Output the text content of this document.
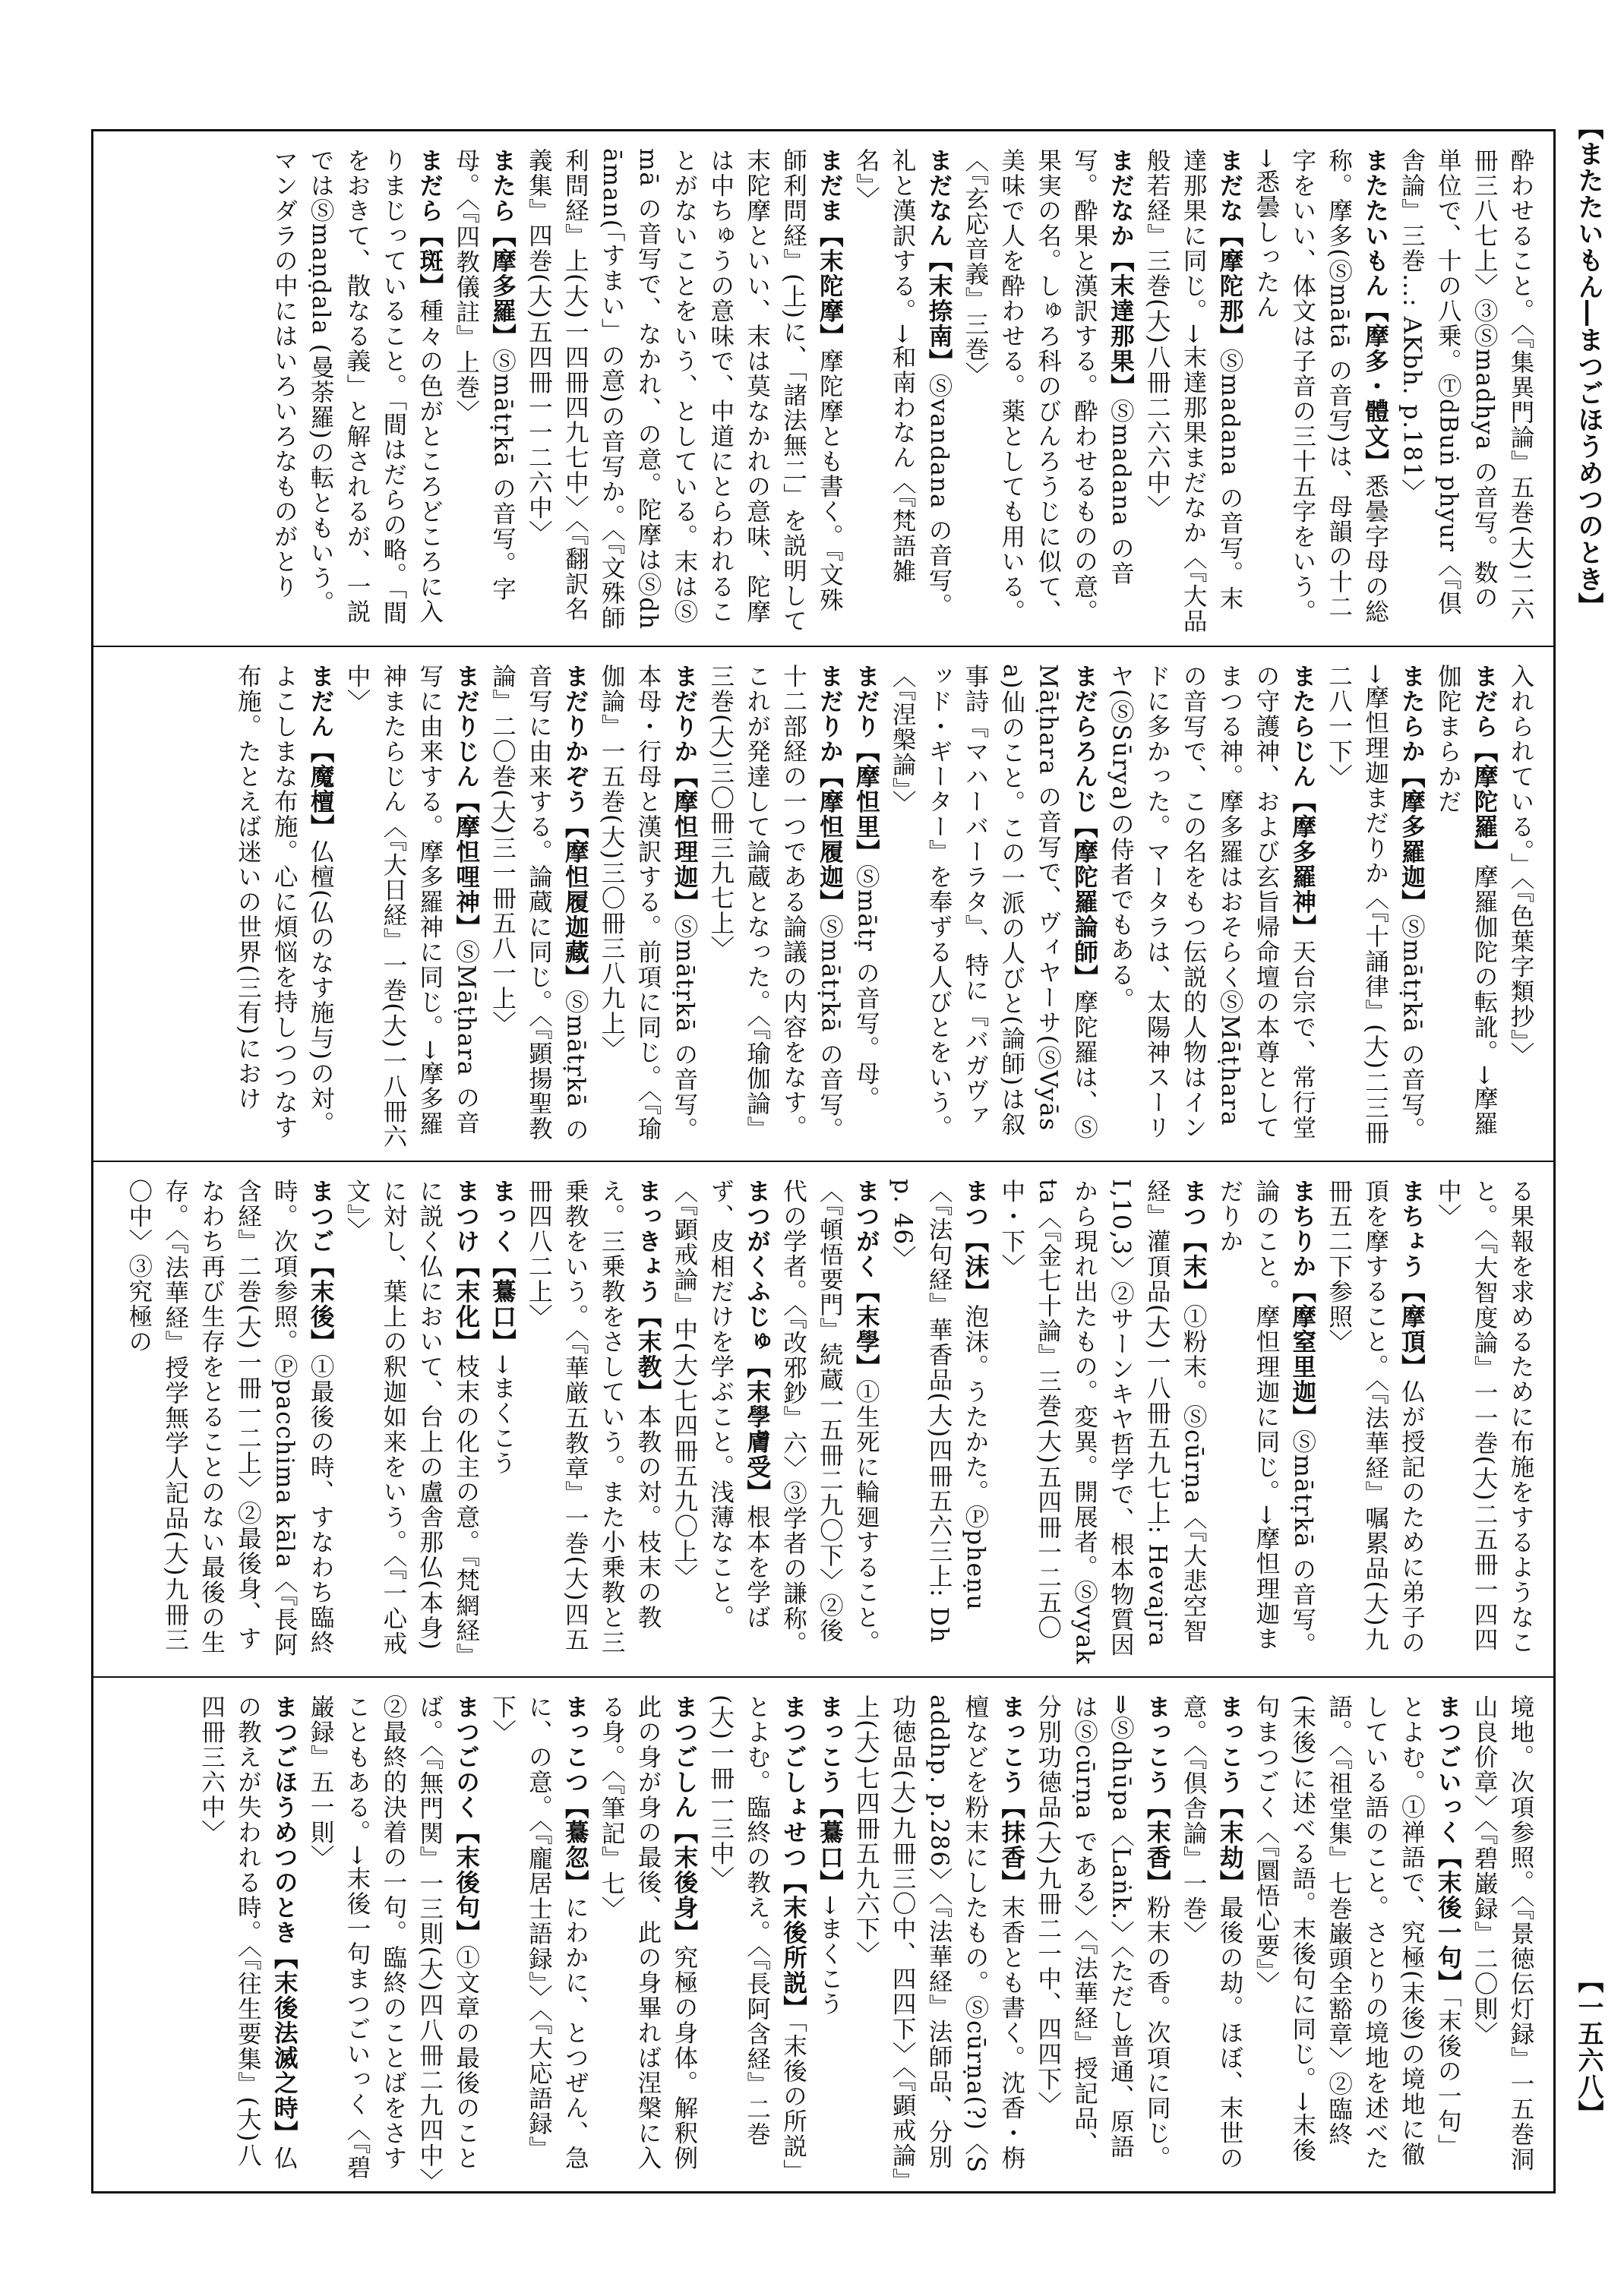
【またたいもん―まつごほうめつのとき】
【一五六八】

酔わせること。〈『集異門論』五巻(大)二六冊三八七上〉③Ⓢmadhya の音写。数の単位で、十の八乗。ⓉdBuṅ phyur〈『倶舎論』三巻…: AKbh. p.181〉

またたいもん【摩多・體文】悉曇字母の総称。摩多(Ⓢmātā の音写)は、母韻の十二字をいい、体文は子音の三十五字をいう。→悉曇しったん

まだな【摩陀那】Ⓢmadana の音写。末達那果に同じ。→末達那果まだなか〈『大品般若経』三巻(大)八冊二六六中〉

まだなか【末達那果】Ⓢmadana の音写。酔果と漢訳する。酔わせるものの意。果実の名。しゅろ科のびんろうじに似て、美味で人を酔わせる。薬としても用いる。〈『玄応音義』三巻〉

まだなん【末捺南】Ⓢvandana の音写。礼と漢訳する。→和南わなん〈『梵語雑名』〉

まだま【末陀摩】摩陀摩とも書く。『文殊師利問経』(上)に、「諸法無二」を説明して末陀摩といい、末は莫なかれの意味、陀摩は中ちゅうの意味で、中道にとらわれることがないことをいう、としている。末はⓈmā の音写で、なかれ、の意。陀摩はⓈdhāman(「すまい」の意)の音写か。〈『文殊師利問経』上(大)一四冊四九七中〉〈『翻訳名義集』四巻(大)五四冊一一二六中〉

またら【摩多羅】Ⓢmātṛkā の音写。字母。〈『四教儀註』上巻〉

まだら【斑】種々の色がところどころに入りまじっていること。「間はだらの略。「間をおきて、散なる義」と解されるが、一説ではⓈmaṇḍala (曼荼羅)の転ともいう。マンダラの中にはいろいろなものがとり

入れられている。」〈『色葉字類抄』〉

まだら【摩陀羅】摩羅伽陀の転訛。→摩羅伽陀まらかだ

またらか【摩多羅迦】Ⓢmātṛkā の音写。→摩怛理迦まだりか〈『十誦律』(大)二三冊二八一下〉

またらじん【摩多羅神】天台宗で、常行堂の守護神、および玄旨帰命壇の本尊としてまつる神。摩多羅はおそらくⓈMāṭhara の音写で、この名をもつ伝説的人物はインドに多かった。マータラは、太陽神スーリヤ(ⓈSūrya)の侍者でもある。

まだらろんじ【摩陀羅論師】摩陀羅は、ⓈMāṭhara の音写で、ヴィヤーサ(ⓈVyāsa)仙のこと。この一派の人びと(論師)は叙事詩『マハーバーラタ』、特に『バガヴァッド・ギーター』を奉ずる人びとをいう。〈『涅槃論』〉

まだり【摩怛里】Ⓢmātṛ の音写。母。

まだりか【摩怛履迦】Ⓢmātṛkā の音写。十二部経の一つである論議の内容をなす。これが発達して論蔵となった。〈『瑜伽論』三巻(大)三〇冊三九七上〉

まだりか【摩怛理迦】Ⓢmātṛkā の音写。本母・行母と漢訳する。前項に同じ。〈『瑜伽論』一五巻(大)三〇冊三八九上〉

まだりかぞう【摩怛履迦藏】Ⓢmātṛkā の音写に由来する。論蔵に同じ。〈『顕揚聖教論』二〇巻(大)三一冊五八一上〉

まだりじん【摩怛哩神】ⓈMāṭhara の音写に由来する。摩多羅神に同じ。→摩多羅神またらじん〈『大日経』一巻(大)一八冊六中〉

まだん【魔檀】仏檀(仏のなす施与)の対。よこしまな布施。心に煩悩を持しつつなす布施。たとえば迷いの世界(三有)におけ

る果報を求めるために布施をするようなこと。〈『大智度論』一一巻(大)二五冊一四四中〉

まちょう【摩頂】仏が授記のために弟子の頂を摩すること。〈『法華経』嘱累品(大)九冊五二下参照〉

まちりか【摩窒里迦】Ⓢmātṛkā の音写。論のこと。摩怛理迦に同じ。→摩怛理迦まだりか

まつ【末】①粉末。Ⓢcūrṇa〈『大悲空智経』灌頂品(大)一八冊五九七上: Hevajra I,10,3〉②サーンキヤ哲学で、根本物質因から現れ出たもの。変異。開展者。Ⓢvyakta〈『金七十論』三巻(大)五四冊一二五〇中・下〉

まつ【沫】泡沫。うたかた。Ⓟpheṇu〈『法句経』華香品(大)四冊五六三上: Dhp. 46〉

まつがく【末學】①生死に輪廻すること。〈『頓悟要門』続蔵一五冊二九〇下〉②後代の学者。〈『改邪鈔』六〉③学者の謙称。

まつがくふじゅ【末學膚受】根本を学ばず、皮相だけを学ぶこと。浅薄なこと。〈『顕戒論』中(大)七四冊五九〇上〉

まっきょう【末教】本教の対。枝末の教え。三乗教をさしていう。また小乗教と三乗教をいう。〈『華厳五教章』一巻(大)四五冊四八二上〉

まっく【驀口】→まくこう

まつけ【末化】枝末の化主の意。『梵網経』に説く仏において、台上の盧舎那仏(本身)に対し、葉上の釈迦如来をいう。〈『一心戒文』〉

まつご【末後】①最後の時、すなわち臨終時。次項参照。Ⓟpacchima kāla〈『長阿含経』二巻(大)一冊一二上〉②最後身、すなわち再び生存をとることのない最後の生存。〈『法華経』授学無学人記品(大)九冊三〇中〉③究極の

境地。次項参照。〈『景徳伝灯録』一五巻洞山良价章〉〈『碧巌録』二〇則〉

まつごいっく【末後一句】「末後の一句」とよむ。①禅語で、究極(末後)の境地に徹している語のこと。さとりの境地を述べた語。〈『祖堂集』七巻巌頭全豁章〉②臨終(末後)に述べる語。末後句に同じ。→末後句まつごく〈『圜悟心要』〉

まっこう【末劫】最後の劫。ほぼ、末世の意。〈『倶舎論』一巻〉

まっこう【末香】粉末の香。次項に同じ。⇒Ⓢdhūpa〈Laṅk.〉〈ただし普通、原語はⓈcūrṇa である〉〈『法華経』授記品、分別功徳品(大)九冊二一中、四四下〉

まっこう【抹香】末香とも書く。沈香・栴檀などを粉末にしたもの。Ⓢcūrṇa(?)〈Saddhp. p.286〉〈『法華経』法師品、分別功徳品(大)九冊三〇中、四四下〉〈『顕戒論』上(大)七四冊五九六下〉

まっこう【驀口】→まくこう

まつごしょせつ【末後所説】「末後の所説」とよむ。臨終の教え。〈『長阿含経』二巻(大)一冊一三中〉

まつごしん【末後身】究極の身体。解釈例 此の身が身の最後、此の身畢れば涅槃に入る身。〈『筆記』七〉

まっこつ【驀忽】にわかに、とつぜん、急に、の意。〈『龐居士語録』〉〈『大応語録』下〉

まつごのく【末後句】①文章の最後のことば。〈『無門関』一三則(大)四八冊二九四中〉②最終的決着の一句。臨終のことばをさすこともある。→末後一句まつごいっく〈『碧巌録』五一則〉

まつごほうめつのとき【末後法滅之時】仏の教えが失われる時。〈『往生要集』(大)八四冊三六中〉
